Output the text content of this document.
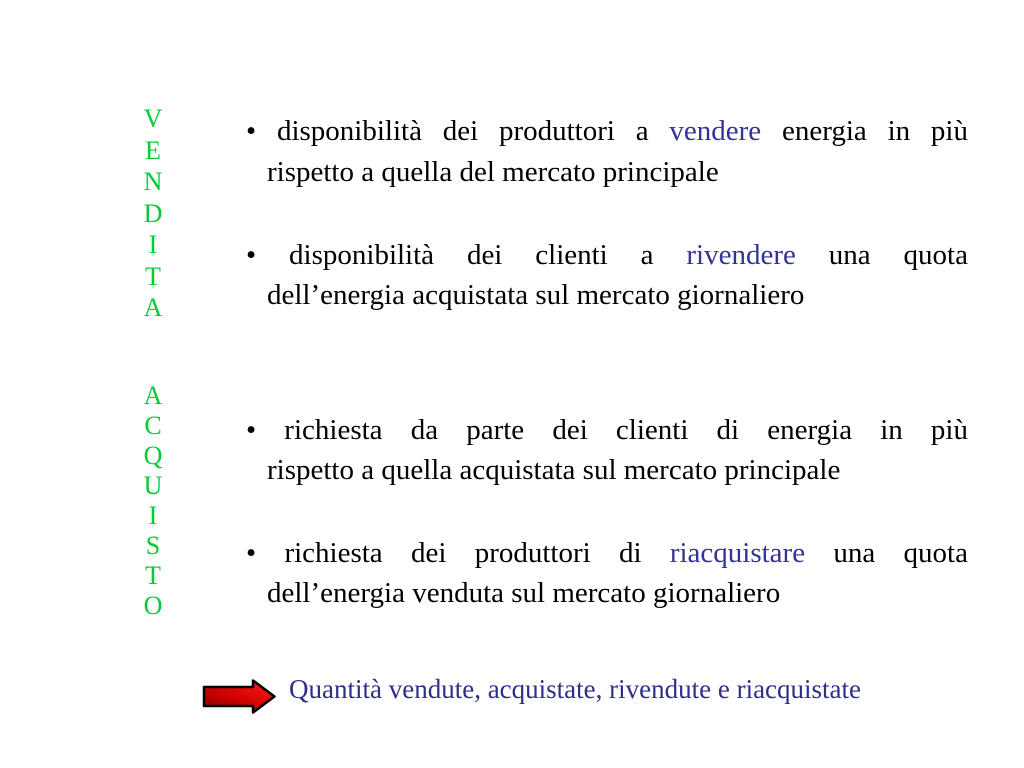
V
E
N
D
I
T
A
A
C
Q
U
I
S
T
O
• disponibilità dei produttori a vendere energia in più
rispetto a quella del mercato principale
• disponibilità dei clienti a rivendere una quota
dell’energia acquistata sul mercato giornaliero
• richiesta da parte dei clienti di energia in più
rispetto a quella acquistata sul mercato principale
• richiesta dei produttori di riacquistare una quota
dell’energia venduta sul mercato giornaliero
Quantità vendute, acquistate, rivendute e riacquistate
